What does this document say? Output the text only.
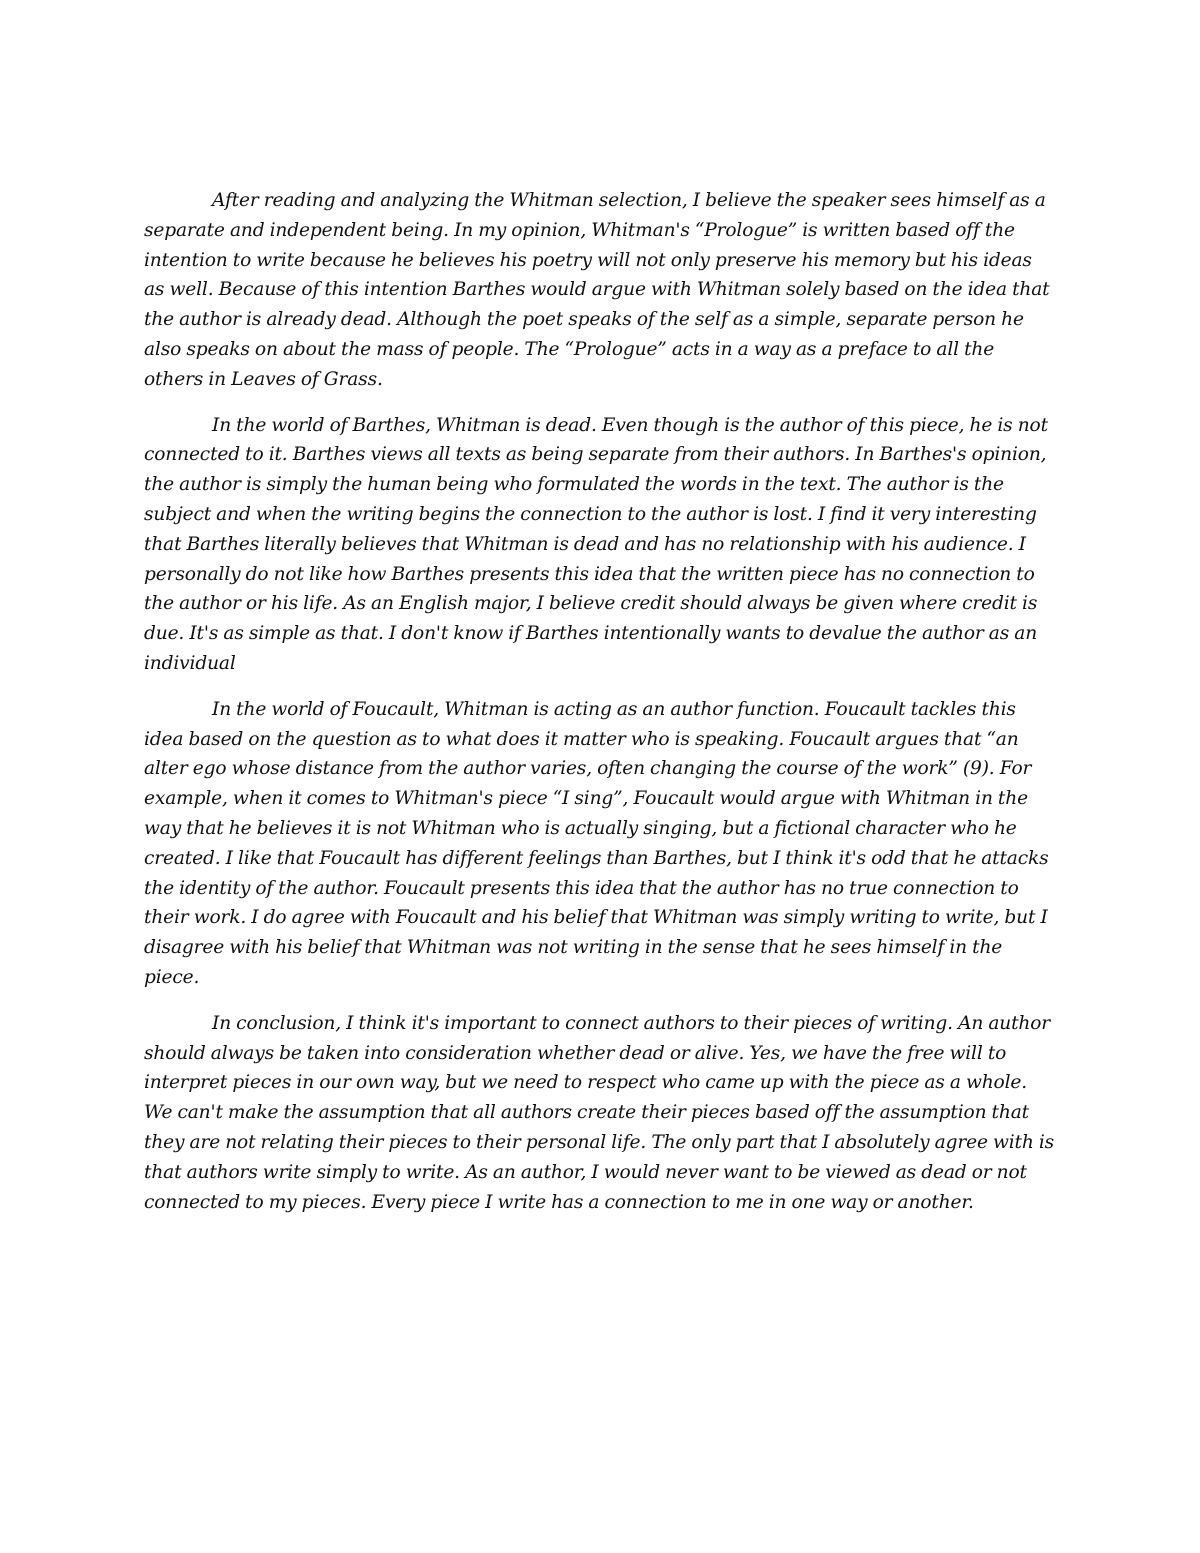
After reading and analyzing the Whitman selection, I believe the speaker sees himself as a separate and independent being. In my opinion, Whitman's “Prologue” is written based off the intention to write because he believes his poetry will not only preserve his memory but his ideas as well. Because of this intention Barthes would argue with Whitman solely based on the idea that the author is already dead. Although the poet speaks of the self as a simple, separate person he also speaks on about the mass of people. The “Prologue” acts in a way as a preface to all the others in Leaves of Grass.

In the world of Barthes, Whitman is dead. Even though is the author of this piece, he is not connected to it. Barthes views all texts as being separate from their authors. In Barthes's opinion, the author is simply the human being who formulated the words in the text. The author is the subject and when the writing begins the connection to the author is lost. I find it very interesting that Barthes literally believes that Whitman is dead and has no relationship with his audience. I personally do not like how Barthes presents this idea that the written piece has no connection to the author or his life. As an English major, I believe credit should always be given where credit is due. It's as simple as that. I don't know if Barthes intentionally wants to devalue the author as an individual

In the world of Foucault, Whitman is acting as an author function. Foucault tackles this idea based on the question as to what does it matter who is speaking. Foucault argues that “an alter ego whose distance from the author varies, often changing the course of the work” (9). For example, when it comes to Whitman's piece “I sing”, Foucault would argue with Whitman in the way that he believes it is not Whitman who is actually singing, but a fictional character who he created. I like that Foucault has different feelings than Barthes, but I think it's odd that he attacks the identity of the author. Foucault presents this idea that the author has no true connection to their work. I do agree with Foucault and his belief that Whitman was simply writing to write, but I disagree with his belief that Whitman was not writing in the sense that he sees himself in the piece.

In conclusion, I think it's important to connect authors to their pieces of writing. An author should always be taken into consideration whether dead or alive. Yes, we have the free will to interpret pieces in our own way, but we need to respect who came up with the piece as a whole. We can't make the assumption that all authors create their pieces based off the assumption that they are not relating their pieces to their personal life. The only part that I absolutely agree with is that authors write simply to write. As an author, I would never want to be viewed as dead or not connected to my pieces. Every piece I write has a connection to me in one way or another.
